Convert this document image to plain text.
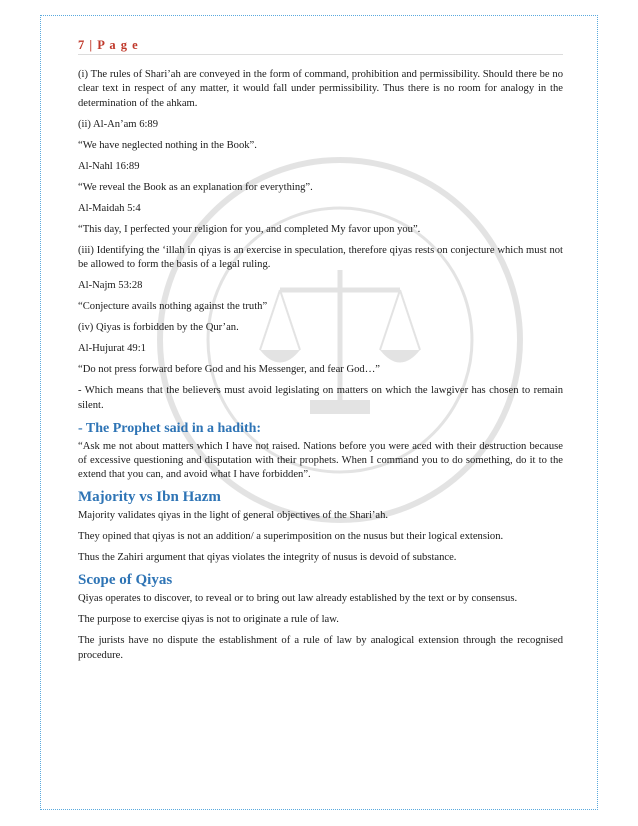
7 | P a g e

(i) The rules of Shari’ah are conveyed in the form of command, prohibition and permissibility. Should there be no clear text in respect of any matter, it would fall under permissibility. Thus there is no room for analogy in the determination of the ahkam.

(ii) Al-An’am 6:89

“We have neglected nothing in the Book”.

Al-Nahl 16:89

“We reveal the Book as an explanation for everything”.

Al-Maidah 5:4

“This day, I perfected your religion for you, and completed My favor upon you”.

(iii) Identifying the ‘illah in qiyas is an exercise in speculation, therefore qiyas rests on conjecture which must not be allowed to form the basis of a legal ruling.

Al-Najm 53:28

“Conjecture avails nothing against the truth”

(iv) Qiyas is forbidden by the Qur’an.

Al-Hujurat 49:1

“Do not press forward before God and his Messenger, and fear God…”

- Which means that the believers must avoid legislating on matters on which the lawgiver has chosen to remain silent.

- The Prophet said in a hadith:

“Ask me not about matters which I have not raised. Nations before you were aced with their destruction because of excessive questioning and disputation with their prophets. When I command you to do something, do it to the extend that you can, and avoid what I have forbidden”.

Majority vs Ibn Hazm

Majority validates qiyas in the light of general objectives of the Shari’ah.

They opined that qiyas is not an addition/ a superimposition on the nusus but their logical extension.

Thus the Zahiri argument that qiyas violates the integrity of nusus is devoid of substance.

Scope of Qiyas

Qiyas operates to discover, to reveal or to bring out law already established by the text or by consensus.

The purpose to exercise qiyas is not to originate a rule of law.

The jurists have no dispute the establishment of a rule of law by analogical extension through the recognised procedure.
